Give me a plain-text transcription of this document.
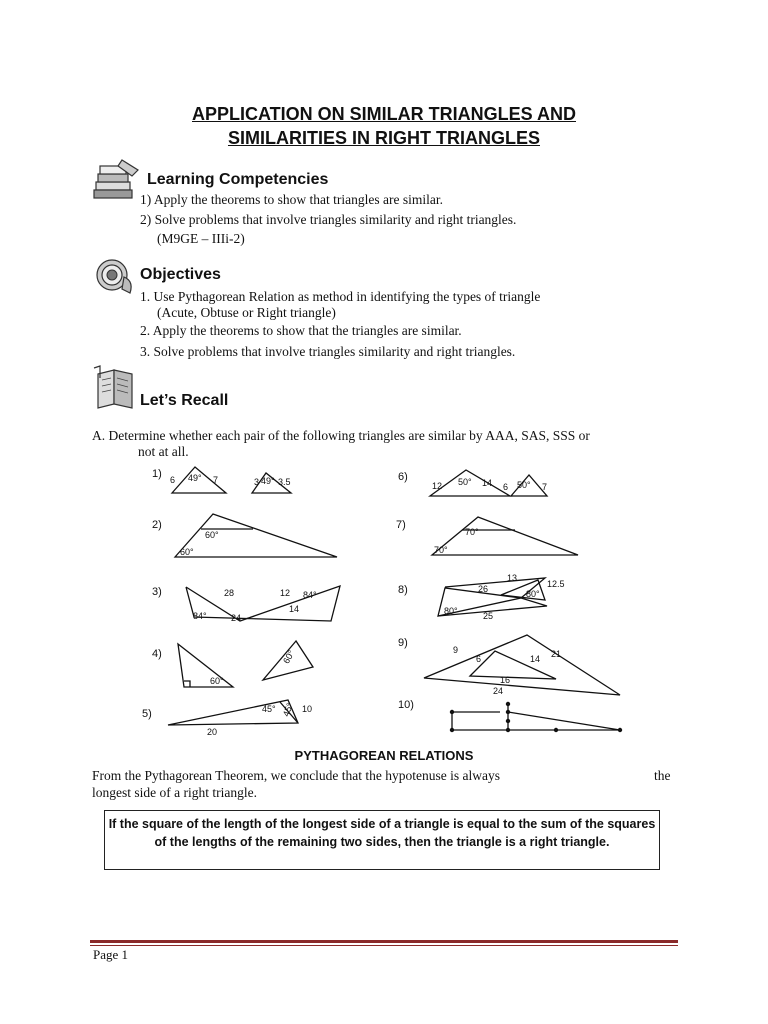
APPLICATION ON SIMILAR TRIANGLES AND
SIMILARITIES IN RIGHT TRIANGLES
Learning Competencies
1) Apply the theorems to show that triangles are similar.
2) Solve problems that involve triangles similarity and right triangles.
(M9GE – IIIi-2)
Objectives
1. Use Pythagorean Relation as method in identifying the types of triangle
(Acute, Obtuse or Right triangle)
2. Apply the theorems to show that the triangles are similar.
3. Solve problems that involve triangles similarity and right triangles.
Let’s Recall
A. Determine whether each pair of the following triangles are similar by AAA, SAS, SSS or
not at all.
1)
2)
3)
4)
5)
6)
7)
8)
9)
10)
6 49° 7	3 49° 3.5
60°
60°
28	12 84°
84°	24
14
60°
60°
45° 45° 10
20
12 50° 14 6 50° 7
70°
70°
13
12.5
26	80°
80°	25
9	21
6	14
16
24
PYTHAGOREAN RELATIONS
From the Pythagorean Theorem, we conclude that the hypotenuse is always	the
longest side of a right triangle.
If the square of the length of the longest side of a triangle is equal to the sum of the squares of the lengths of the remaining two sides, then the triangle is a right triangle.
Page 1
